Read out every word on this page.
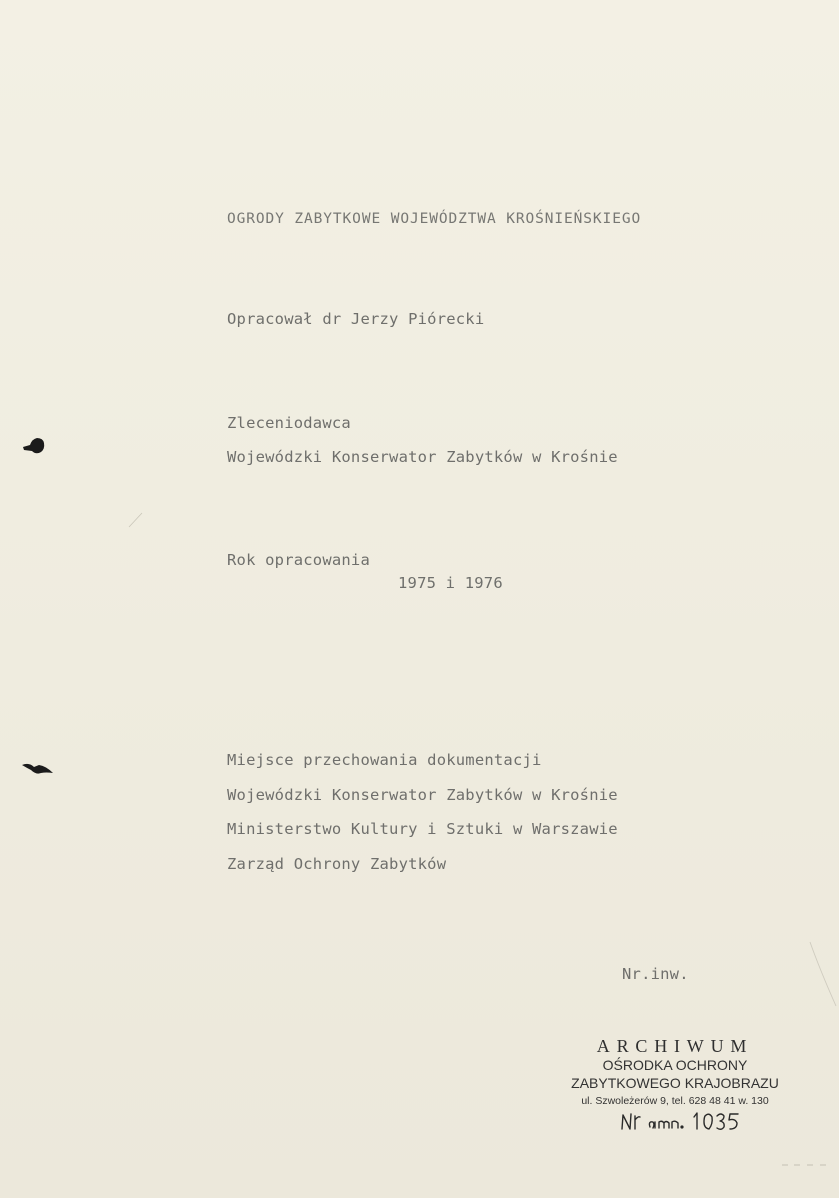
OGRODY ZABYTKOWE WOJEWÓDZTWA KROŚNIEŃSKIEGO
Opracował dr Jerzy Piórecki
Zleceniodawca
Wojewódzki Konserwator Zabytków w Krośnie
Rok opracowania
1975 i 1976
Miejsce przechowania dokumentacji
Wojewódzki Konserwator Zabytków w Krośnie
Ministerstwo Kultury i Sztuki w Warszawie
Zarząd Ochrony Zabytków
Nr.inw.
ARCHIWUM
OŚRODKA OCHRONY
ZABYTKOWEGO KRAJOBRAZU
ul. Szwoleżerów 9, tel. 628 48 41 w. 130
